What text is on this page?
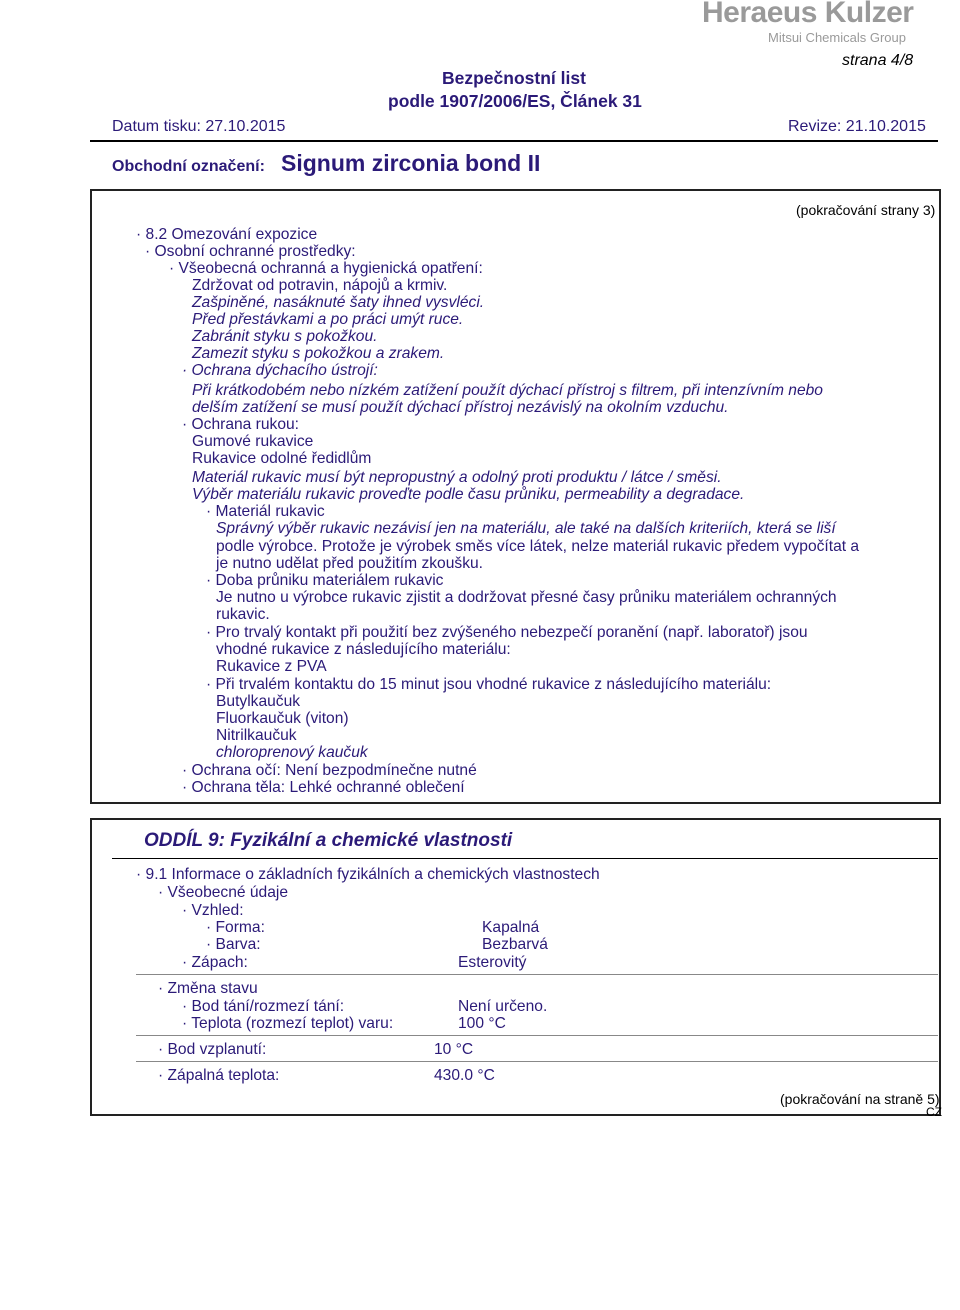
Heraeus Kulzer
Mitsui Chemicals Group
strana 4/8
Bezpečnostní list
podle 1907/2006/ES, Článek 31
Datum tisku: 27.10.2015	Revize: 21.10.2015
Obchodní označení: Signum zirconia bond II
(pokračování strany 3)
· 8.2 Omezování expozice
· Osobní ochranné prostředky:
· Všeobecná ochranná a hygienická opatření:
Zdržovat od potravin, nápojů a krmiv.
Zašpiněné, nasáknuté šaty ihned vysvléci.
Před přestávkami a po práci umýt ruce.
Zabránit styku s pokožkou.
Zamezit styku s pokožkou a zrakem.
· Ochrana dýchacího ústrojí:
Při krátkodobém nebo nízkém zatížení použít dýchací přístroj s filtrem, při intenzívním nebo
delším zatížení se musí použít dýchací přístroj nezávislý na okolním vzduchu.
· Ochrana rukou:
Gumové rukavice
Rukavice odolné ředidlům
Materiál rukavic musí být nepropustný a odolný proti produktu / látce / směsi.
Výběr materiálu rukavic proveďte podle času průniku, permeability a degradace.
· Materiál rukavic
Správný výběr rukavic nezávisí jen na materiálu, ale také na dalších kriteriích, která se liší
podle výrobce. Protože je výrobek směs více látek, nelze materiál rukavic předem vypočítat a
je nutno udělat před použitím zkoušku.
· Doba průniku materiálem rukavic
Je nutno u výrobce rukavic zjistit a dodržovat přesné časy průniku materiálem ochranných
rukavic.
· Pro trvalý kontakt při použití bez zvýšeného nebezpečí poranění (např. laboratoř) jsou
vhodné rukavice z následujícího materiálu:
Rukavice z PVA
· Při trvalém kontaktu do 15 minut jsou vhodné rukavice z následujícího materiálu:
Butylkaučuk
Fluorkaučuk (viton)
Nitrilkaučuk
chloroprenový kaučuk
· Ochrana očí: Není bezpodmínečne nutné
· Ochrana těla: Lehké ochranné oblečení
ODDÍL 9: Fyzikální a chemické vlastnosti
· 9.1 Informace o základních fyzikálních a chemických vlastnostech
· Všeobecné údaje
· Vzhled:
· Forma:	Kapalná
· Barva:	Bezbarvá
· Zápach:	Esterovitý
· Změna stavu
· Bod tání/rozmezí tání:	Není určeno.
· Teplota (rozmezí teplot) varu:	100 °C
· Bod vzplanutí:	10 °C
· Zápalná teplota:	430.0 °C
(pokračování na straně 5)
CZ
